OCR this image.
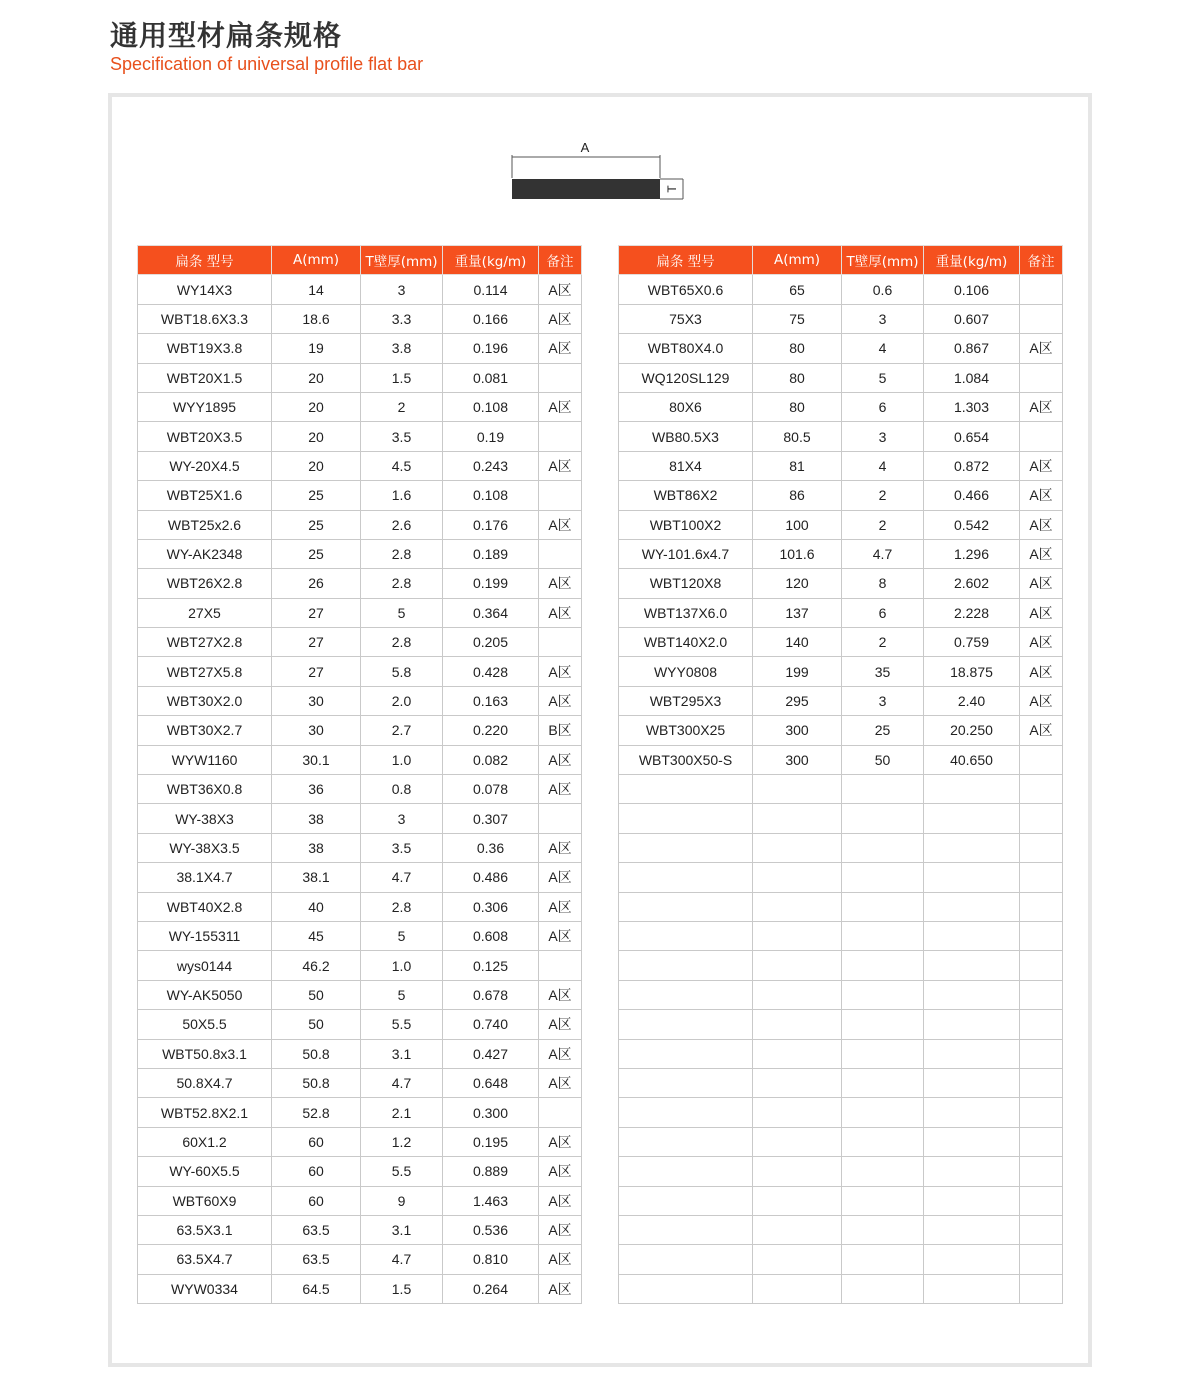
通用型材扁条规格
Specification of universal profile flat bar
A
T
扁条 型号	A(mm)	T壁厚(mm)	重量(kg/m)	备注
WY14X3	14	3	0.114	A区
WBT18.6X3.3	18.6	3.3	0.166	A区
WBT19X3.8	19	3.8	0.196	A区
WBT20X1.5	20	1.5	0.081	
WYY1895	20	2	0.108	A区
WBT20X3.5	20	3.5	0.19	
WY-20X4.5	20	4.5	0.243	A区
WBT25X1.6	25	1.6	0.108	
WBT25x2.6	25	2.6	0.176	A区
WY-AK2348	25	2.8	0.189	
WBT26X2.8	26	2.8	0.199	A区
27X5	27	5	0.364	A区
WBT27X2.8	27	2.8	0.205	
WBT27X5.8	27	5.8	0.428	A区
WBT30X2.0	30	2.0	0.163	A区
WBT30X2.7	30	2.7	0.220	B区
WYW1160	30.1	1.0	0.082	A区
WBT36X0.8	36	0.8	0.078	A区
WY-38X3	38	3	0.307	
WY-38X3.5	38	3.5	0.36	A区
38.1X4.7	38.1	4.7	0.486	A区
WBT40X2.8	40	2.8	0.306	A区
WY-155311	45	5	0.608	A区
wys0144	46.2	1.0	0.125	
WY-AK5050	50	5	0.678	A区
50X5.5	50	5.5	0.740	A区
WBT50.8x3.1	50.8	3.1	0.427	A区
50.8X4.7	50.8	4.7	0.648	A区
WBT52.8X2.1	52.8	2.1	0.300	
60X1.2	60	1.2	0.195	A区
WY-60X5.5	60	5.5	0.889	A区
WBT60X9	60	9	1.463	A区
63.5X3.1	63.5	3.1	0.536	A区
63.5X4.7	63.5	4.7	0.810	A区
WYW0334	64.5	1.5	0.264	A区
扁条 型号	A(mm)	T壁厚(mm)	重量(kg/m)	备注
WBT65X0.6	65	0.6	0.106	
75X3	75	3	0.607	
WBT80X4.0	80	4	0.867	A区
WQ120SL129	80	5	1.084	
80X6	80	6	1.303	A区
WB80.5X3	80.5	3	0.654	
81X4	81	4	0.872	A区
WBT86X2	86	2	0.466	A区
WBT100X2	100	2	0.542	A区
WY-101.6x4.7	101.6	4.7	1.296	A区
WBT120X8	120	8	2.602	A区
WBT137X6.0	137	6	2.228	A区
WBT140X2.0	140	2	0.759	A区
WYY0808	199	35	18.875	A区
WBT295X3	295	3	2.40	A区
WBT300X25	300	25	20.250	A区
WBT300X50-S	300	50	40.650	
